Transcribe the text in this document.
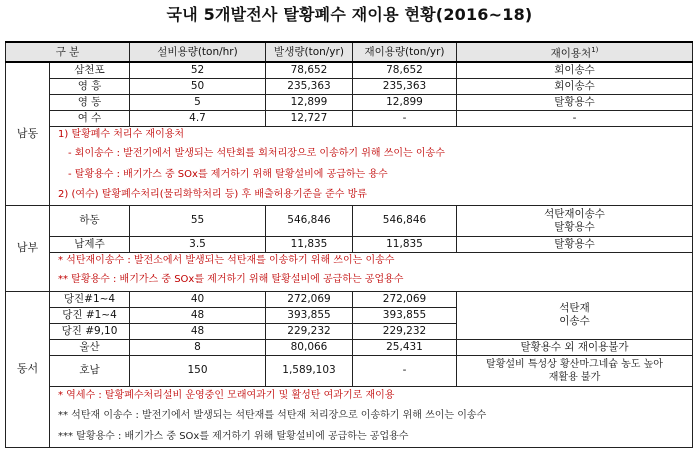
국내 5개발전사 탈황폐수 재이용 현황(2016~18)
구 분		설비용량(ton/hr)	발생량(ton/yr)	재이용량(ton/yr)	재이용처$^{1)}$
남동	삼천포	52	78,652	78,652	회이송수
	영 흥	50	235,363	235,363	회이송수
	영 동	5	12,899	12,899	탈황용수
	여 수	4.7	12,727	-	-
	1) 탈황폐수 처리수 재이용처				
	- 회이송수 : 발전기에서 발생되는 석탄회를 회처리장으로 이송하기 위해 쓰이는 이송수				
	- 탈황용수 : 배기가스 중 SOx를 제거하기 위해 탈황설비에 공급하는 용수				
	2) (여수) 탈황폐수처리(물리화학처리 등) 후 배출허용기준을 준수 방류				
남부	하동	55	546,846	546,846	석탄재이송수
탈황용수

	남제주	3.5	11,835	11,835	탈황용수
	* 석탄재이송수 : 발전소에서 발생되는 석탄재를 이송하기 위해 쓰이는 이송수				
	** 탈황용수 : 배기가스 중 SOx를 제거하기 위해 탈황설비에 공급하는 공업용수				
동서	당진#1~4	40	272,069	272,069	석탄재
이송수

	당진 #1~4	48	393,855	393,855	
	당진 #9,10	48	229,232	229,232	
	울산	8	80,066	25,431	탈황용수 외 재이용불가
	호남	150	1,589,103	-	탈황설비 특성상 황산마그네슘 농도 높아
재활용 불가

	* 역세수 : 탈황폐수처리설비 운영중인 모래여과기 및 활성탄 여과기로 재이용				
	** 석탄재 이송수 : 발전기에서 발생되는 석탄재를 석탄재 처리장으로 이송하기 위해 쓰이는 이송수				
	*** 탈황용수 : 배기가스 중 SOx를 제거하기 위해 탈황설비에 공급하는 공업용수				
